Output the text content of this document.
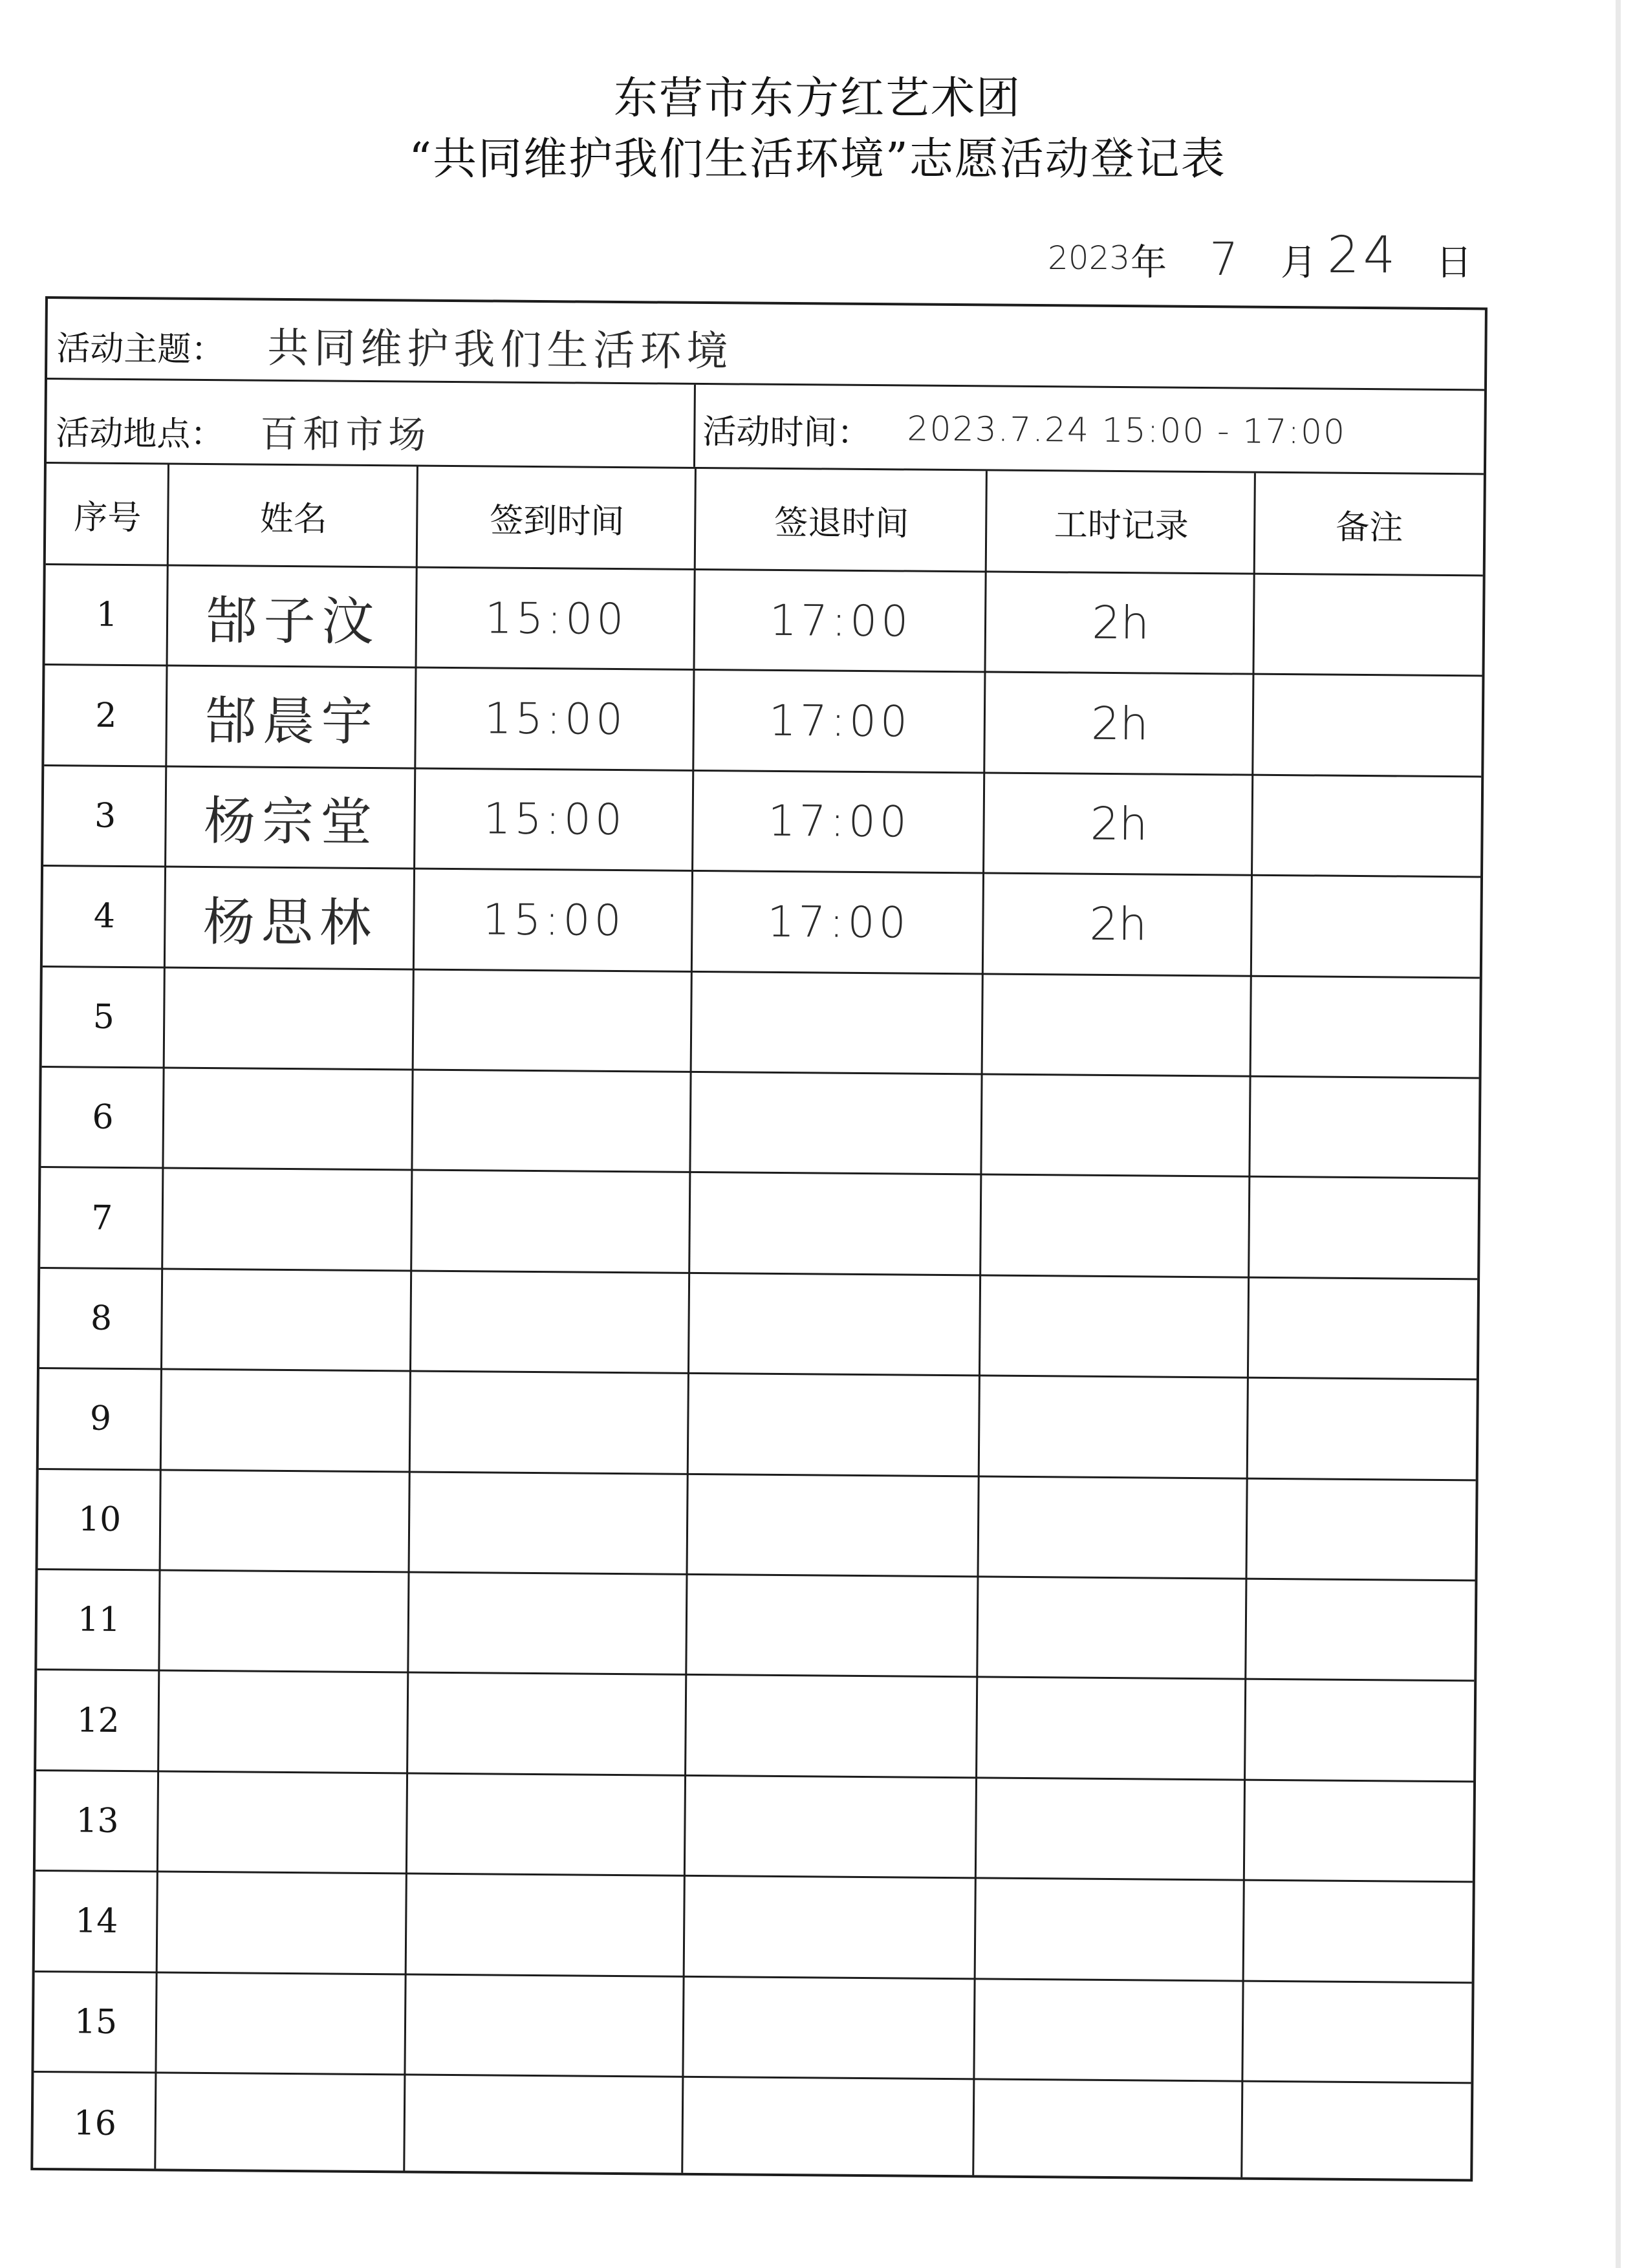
东营市东方红艺术团
“共同维护我们生活环境”志愿活动登记表
2023 年 7 月 24 日
活动主题： 共同维护我们生活环境
活动地点： 百和市场	活动时间： 2023.7.24 15:00 - 17:00
序号	姓名	签到时间	签退时间	工时记录	备注
1	郜子汶	15:00	17:00	2h
2	郜晨宇	15:00	17:00	2h
3	杨宗堂	15:00	17:00	2h
4	杨思林	15:00	17:00	2h
5
6
7
8
9
10
11
12
13
14
15
16
